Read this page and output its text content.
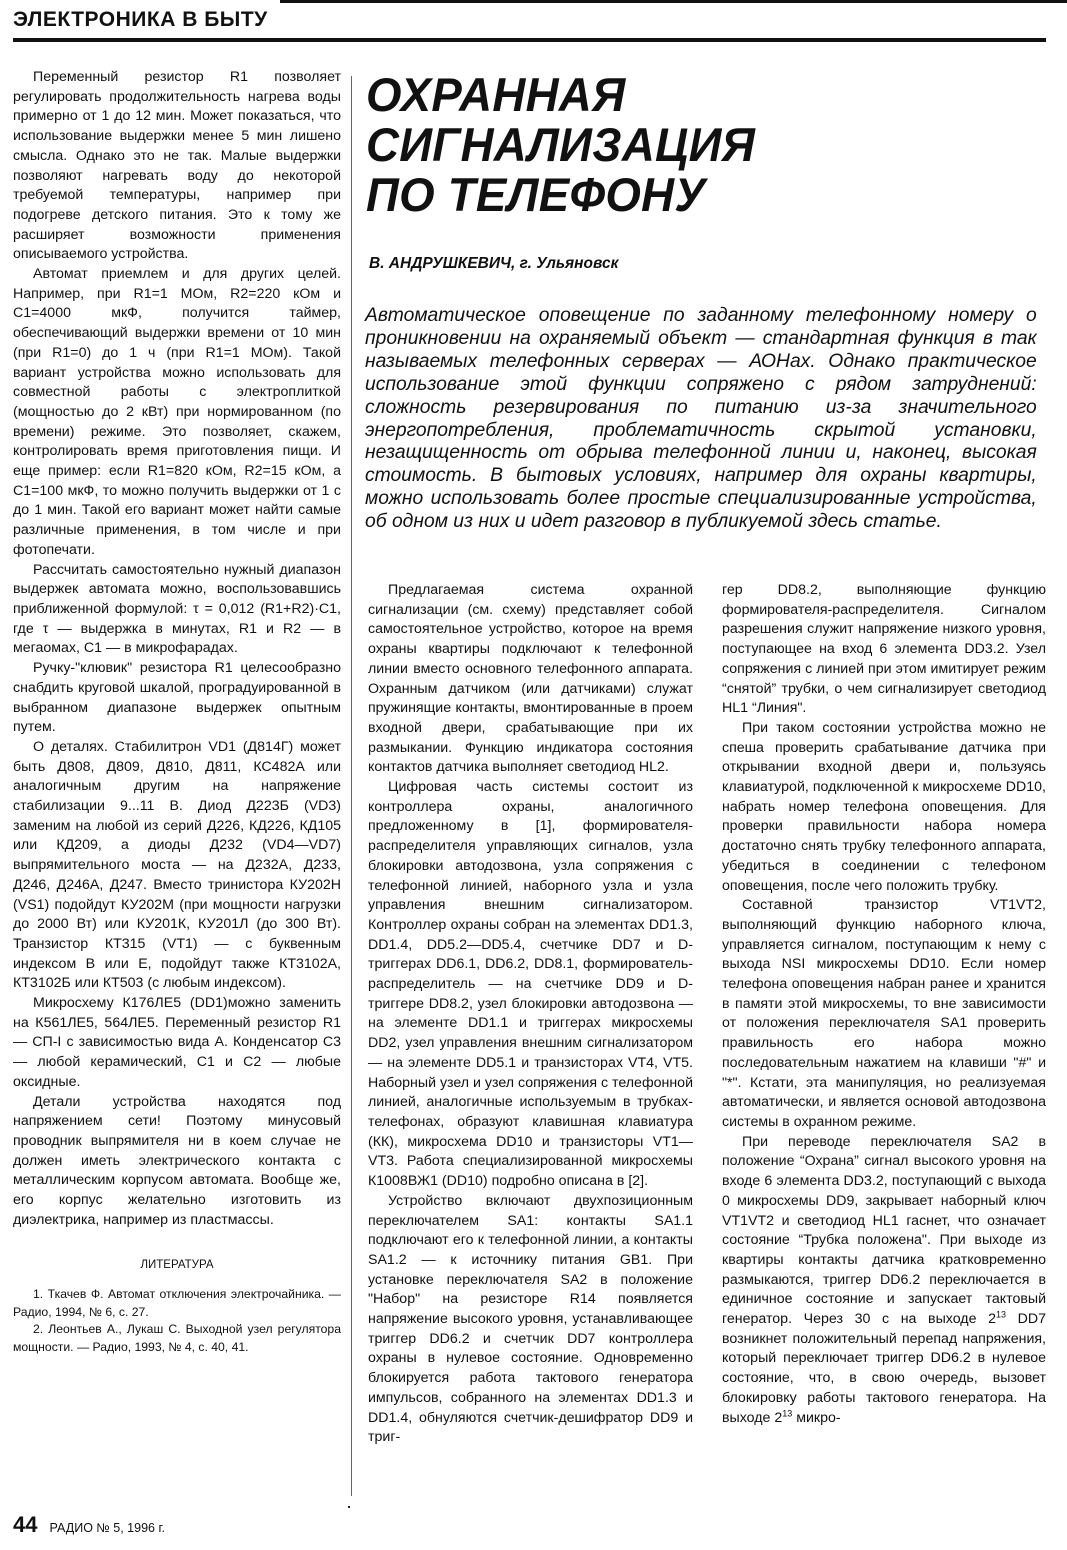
ЭЛЕКТРОНИКА В БЫТУ

Переменный резистор R1 позволяет регулировать продолжительность нагрева воды примерно от 1 до 12 мин. Может показаться, что использование выдержки менее 5 мин лишено смысла. Однако это не так. Малые выдержки позволяют нагревать воду до некоторой требуемой температуры, например при подогреве детского питания. Это к тому же расширяет возможности применения описываемого устройства.

Автомат приемлем и для других целей. Например, при R1=1 МОм, R2=220 кОм и С1=4000 мкФ, получится таймер, обеспечивающий выдержки времени от 10 мин (при R1=0) до 1 ч (при R1=1 МОм). Такой вариант устройства можно использовать для совместной работы с электроплиткой (мощностью до 2 кВт) при нормированном (по времени) режиме. Это позволяет, скажем, контролировать время приготовления пищи. И еще пример: если R1=820 кОм, R2=15 кОм, а С1=100 мкФ, то можно получить выдержки от 1 с до 1 мин. Такой его вариант может найти самые различные применения, в том числе и при фотопечати.

Рассчитать самостоятельно нужный диапазон выдержек автомата можно, воспользовавшись приближенной формулой: τ = 0,012 (R1+R2)·C1, где τ — выдержка в минутах, R1 и R2 — в мегаомах, С1 — в микрофарадах.

Ручку-"клювик" резистора R1 целесообразно снабдить круговой шкалой, проградуированной в выбранном диапазоне выдержек опытным путем.

О деталях. Стабилитрон VD1 (Д814Г) может быть Д808, Д809, Д810, Д811, КС482А или аналогичным другим на напряжение стабилизации 9...11 В. Диод Д223Б (VD3) заменим на любой из серий Д226, КД226, КД105 или КД209, а диоды Д232 (VD4—VD7) выпрямительного моста — на Д232А, Д233, Д246, Д246А, Д247. Вместо тринистора КУ202Н (VS1) подойдут КУ202М (при мощности нагрузки до 2000 Вт) или КУ201К, КУ201Л (до 300 Вт). Транзистор КТ315 (VT1) — с буквенным индексом В или Е, подойдут также КТ3102А, КТ3102Б или КТ503 (с любым индексом).

Микросхему К176ЛЕ5 (DD1)можно заменить на К561ЛЕ5, 564ЛЕ5. Переменный резистор R1 — СП-I с зависимостью вида А. Конденсатор С3 — любой керамический, С1 и С2 — любые оксидные.

Детали устройства находятся под напряжением сети! Поэтому минусовый проводник выпрямителя ни в коем случае не должен иметь электрического контакта с металлическим корпусом автомата. Вообще же, его корпус желательно изготовить из диэлектрика, например из пластмассы.

ЛИТЕРАТУРА

1. Ткачев Ф. Автомат отключения электрочайника. — Радио, 1994, № 6, с. 27.

2. Леонтьев А., Лукаш С. Выходной узел регулятора мощности. — Радио, 1993, № 4, с. 40, 41.

ОХРАННАЯ
СИГНАЛИЗАЦИЯ
ПО ТЕЛЕФОНУ
В. АНДРУШКЕВИЧ, г. Ульяновск
Автоматическое оповещение по заданному телефонному номеру о проникновении на охраняемый объект — стандартная функция в так называемых телефонных серверах — АОНах. Однако практическое использование этой функции сопряжено с рядом затруднений: сложность резервирования по питанию из-за значительного энергопотребления, проблематичность скрытой установки, незащищенность от обрыва телефонной линии и, наконец, высокая стоимость. В бытовых условиях, например для охраны квартиры, можно использовать более простые специализированные устройства, об одном из них и идет разговор в публикуемой здесь статье.

Предлагаемая система охранной сигнализации (см. схему) представляет собой самостоятельное устройство, которое на время охраны квартиры подключают к телефонной линии вместо основного телефонного аппарата. Охранным датчиком (или датчиками) служат пружинящие контакты, вмонтированные в проем входной двери, срабатывающие при их размыкании. Функцию индикатора состояния контактов датчика выполняет светодиод HL2.

Цифровая часть системы состоит из контроллера охраны, аналогичного предложенному в [1], формирователя-распределителя управляющих сигналов, узла блокировки автодозвона, узла сопряжения с телефонной линией, наборного узла и узла управления внешним сигнализатором. Контроллер охраны собран на элементах DD1.3, DD1.4, DD5.2—DD5.4, счетчике DD7 и D-триггерах DD6.1, DD6.2, DD8.1, формирователь-распределитель — на счетчике DD9 и D-триггере DD8.2, узел блокировки автодозвона — на элементе DD1.1 и триггерах микросхемы DD2, узел управления внешним сигнализатором — на элементе DD5.1 и транзисторах VT4, VT5. Наборный узел и узел сопряжения с телефонной линией, аналогичные используемым в трубках-телефонах, образуют клавишная клавиатура (КК), микросхема DD10 и транзисторы VT1—VT3. Работа специализированной микросхемы К1008ВЖ1 (DD10) подробно описана в [2].

Устройство включают двухпозиционным переключателем SA1: контакты SA1.1 подключают его к телефонной линии, а контакты SA1.2 — к источнику питания GB1. При установке переключателя SA2 в положение "Набор" на резисторе R14 появляется напряжение высокого уровня, устанавливающее триггер DD6.2 и счетчик DD7 контроллера охраны в нулевое состояние. Одновременно блокируется работа тактового генератора импульсов, собранного на элементах DD1.3 и DD1.4, обнуляются счетчик-дешифратор DD9 и триг-

гер DD8.2, выполняющие функцию формирователя-распределителя. Сигналом разрешения служит напряжение низкого уровня, поступающее на вход 6 элемента DD3.2. Узел сопряжения с линией при этом имитирует режим “снятой” трубки, о чем сигнализирует светодиод HL1 “Линия".

При таком состоянии устройства можно не спеша проверить срабатывание датчика при открывании входной двери и, пользуясь клавиатурой, подключенной к микросхеме DD10, набрать номер телефона оповещения. Для проверки правильности набора номера достаточно снять трубку телефонного аппарата, убедиться в соединении с телефоном оповещения, после чего положить трубку.

Составной транзистор VT1VT2, выполняющий функцию наборного ключа, управляется сигналом, поступающим к нему с выхода NSI микросхемы DD10. Если номер телефона оповещения набран ранее и хранится в памяти этой микросхемы, то вне зависимости от положения переключателя SA1 проверить правильность его набора можно последовательным нажатием на клавиши "#" и "*". Кстати, эта манипуляция, но реализуемая автоматически, и является основой автодозвона системы в охранном режиме.

При переводе переключателя SA2 в положение “Охрана” сигнал высокого уровня на входе 6 элемента DD3.2, поступающий с выхода 0 микросхемы DD9, закрывает наборный ключ VT1VT2 и светодиод HL1 гаснет, что означает состояние “Трубка положена". При выходе из квартиры контакты датчика кратковременно размыкаются, триггер DD6.2 переключается в единичное состояние и запускает тактовый генератор. Через 30 с на выходе $2^{13}$ DD7 возникнет положительный перепад напряжения, который переключает триггер DD6.2 в нулевое состояние, что, в свою очередь, вызовет блокировку работы тактового генератора. На выходе $2^{13}$ микро-

44 РАДИО № 5, 1996 г.
